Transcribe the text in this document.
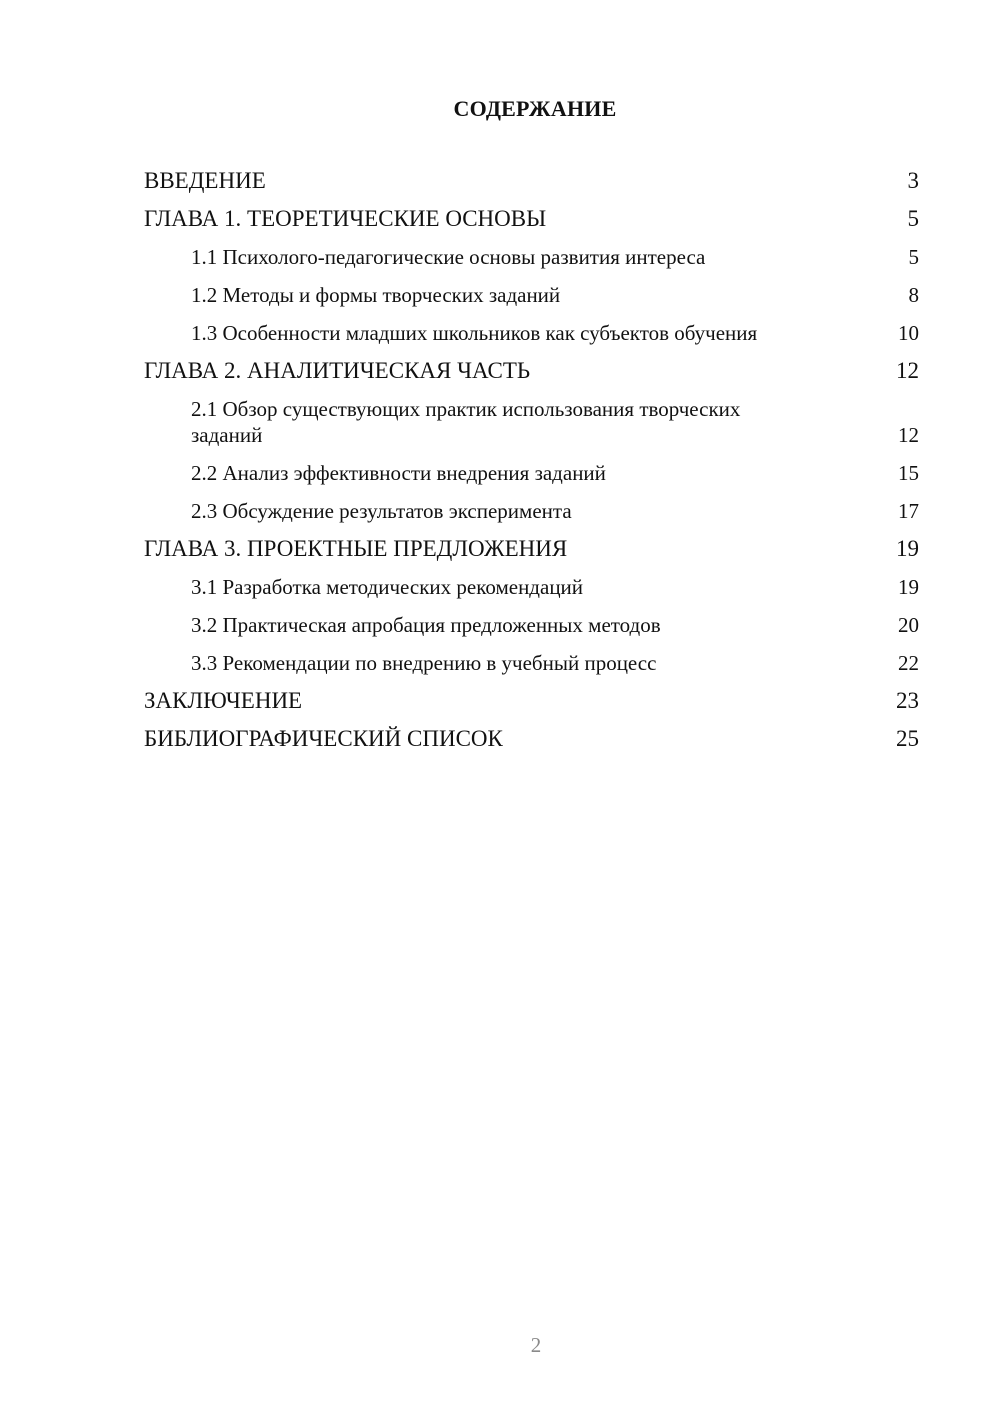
СОДЕРЖАНИЕ
ВВЕДЕНИЕ	3
ГЛАВА 1. ТЕОРЕТИЧЕСКИЕ ОСНОВЫ	5
1.1 Психолого-педагогические основы развития интереса	5
1.2 Методы и формы творческих заданий	8
1.3 Особенности младших школьников как субъектов обучения	10
ГЛАВА 2. АНАЛИТИЧЕСКАЯ ЧАСТЬ	12
2.1 Обзор существующих практик использования творческих заданий	12
2.2 Анализ эффективности внедрения заданий	15
2.3 Обсуждение результатов эксперимента	17
ГЛАВА 3. ПРОЕКТНЫЕ ПРЕДЛОЖЕНИЯ	19
3.1 Разработка методических рекомендаций	19
3.2 Практическая апробация предложенных методов	20
3.3 Рекомендации по внедрению в учебный процесс	22
ЗАКЛЮЧЕНИЕ	23
БИБЛИОГРАФИЧЕСКИЙ СПИСОК	25
2
